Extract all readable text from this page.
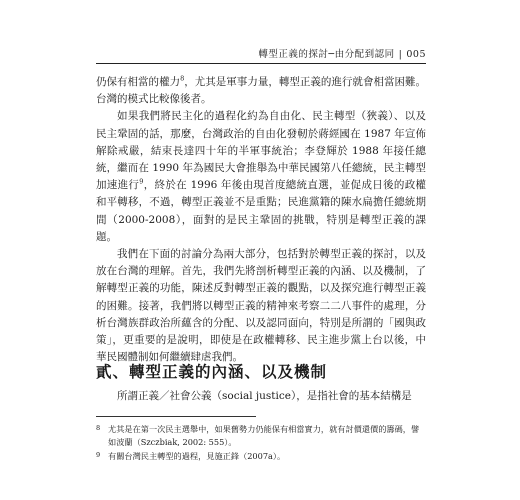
轉型正義的探討─由分配到認同 | 005

仍保有相當的權力$^8$，尤其是軍事力量，轉型正義的進行就會相當困難。台灣的模式比較像後者。

如果我們將民主化的過程化約為自由化、民主轉型（狹義）、以及民主鞏固的話，那麼，台灣政治的自由化發軔於蔣經國在 1987 年宣佈解除戒嚴，結束長達四十年的半軍事統治；李登輝於 1988 年接任總統，繼而在 1990 年為國民大會推舉為中華民國第八任總統，民主轉型加速進行$^9$，終於在 1996 年後由現首度總統直選，並促成日後的政權和平轉移，不過，轉型正義並不是重點；民進黨籍的陳水扁擔任總統期間（2000-2008），面對的是民主鞏固的挑戰，特別是轉型正義的課題。

我們在下面的討論分為兩大部分，包括對於轉型正義的探討，以及放在台灣的理解。首先，我們先將剖析轉型正義的內涵、以及機制，了解轉型正義的功能，陳述反對轉型正義的觀點，以及探究進行轉型正義的困難。接著，我們將以轉型正義的精神來考察二二八事件的處理，分析台灣族群政治所蘊含的分配、以及認同面向，特別是所謂的「國與政策」，更重要的是說明，即使是在政權轉移、民主進步黨上台以後，中華民國體制如何繼續肆虐我們。

貳、轉型正義的內涵、以及機制
所謂正義／社會公義（social justice），是指社會的基本結構是
8 尤其是在第一次民主選舉中，如果舊勢力仍能保有相當實力，就有討價還價的籌碼，譬如波蘭（Szczbiak, 2002: 555）。
9 有關台灣民主轉型的過程，見施正鋒（2007a）。
